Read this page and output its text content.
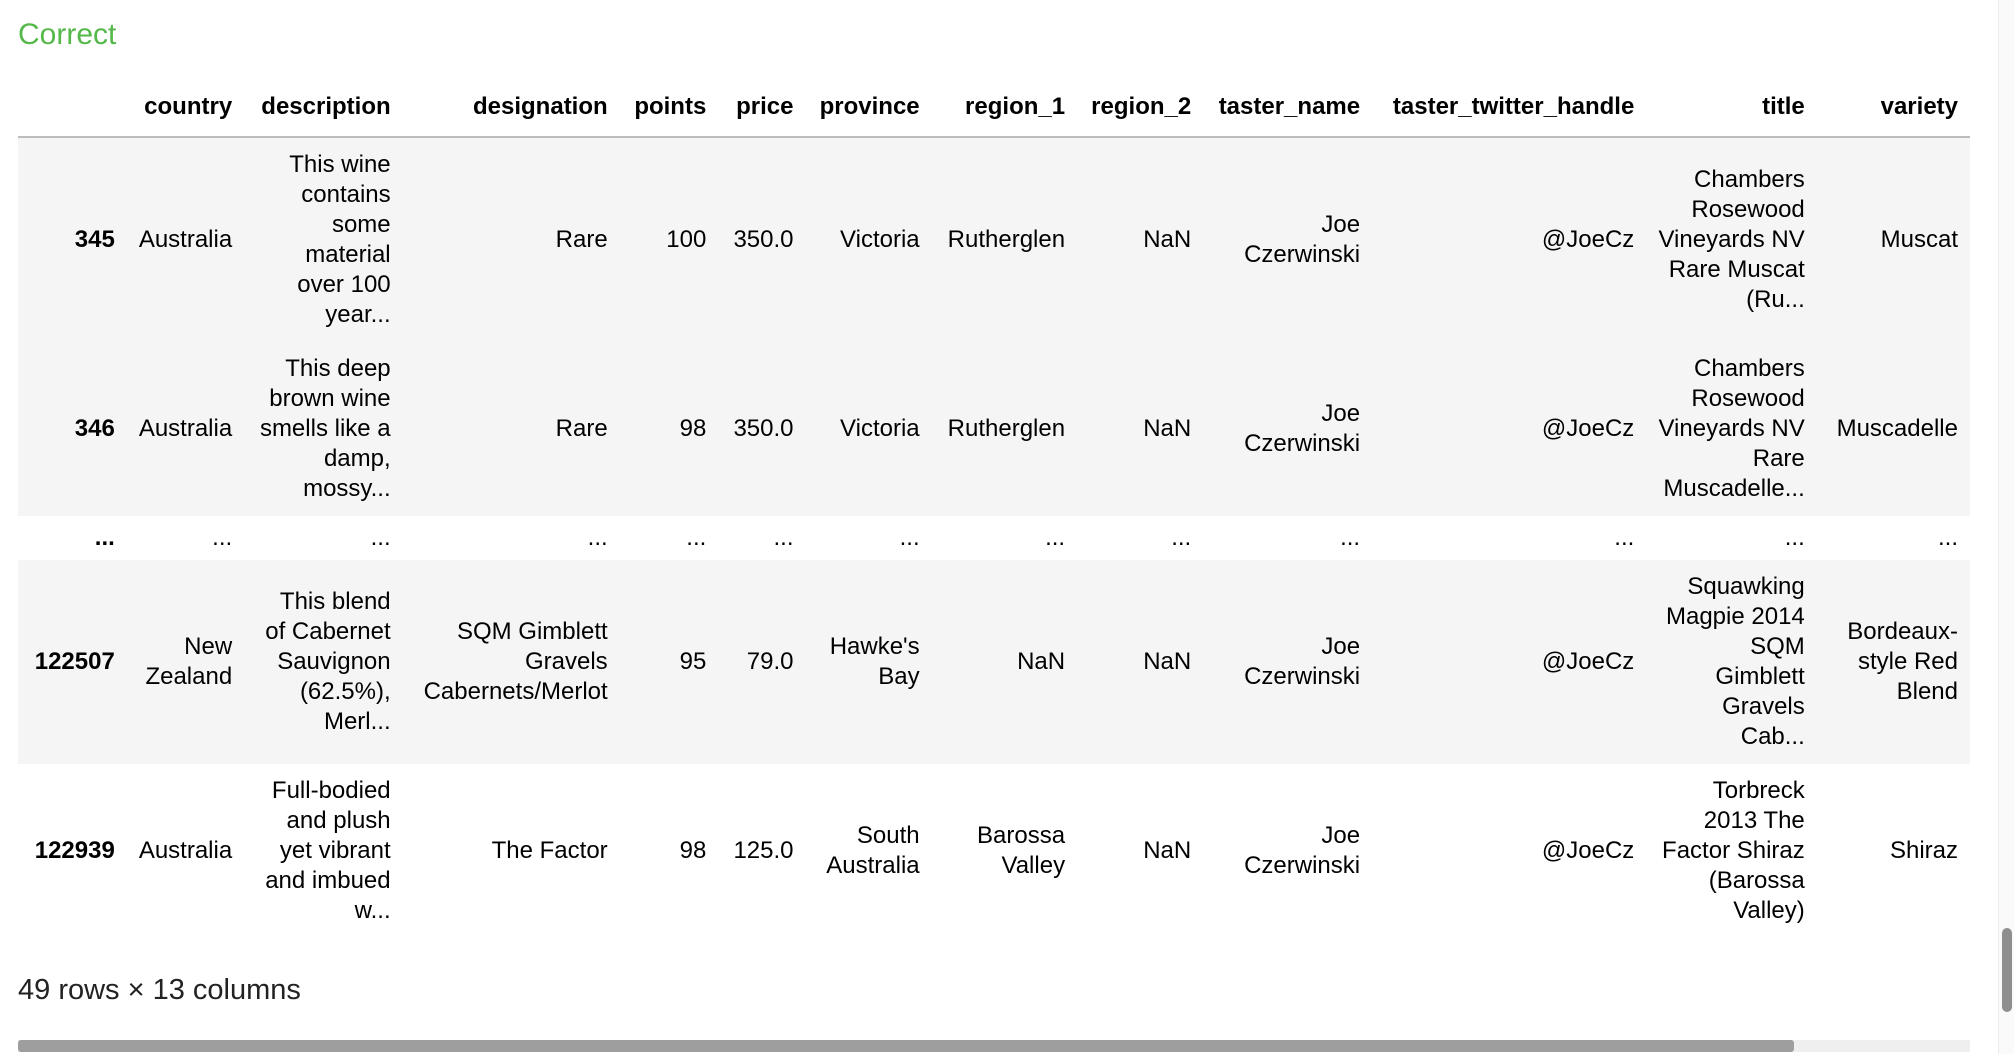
Correct
	country	description	designation	points	price	province	region_1	region_2	taster_name	taster_twitter_handle	title	variety
345	Australia	This wine contains some material over 100 year...	Rare	100	350.0	Victoria	Rutherglen	NaN	Joe Czerwinski	@JoeCz	Chambers Rosewood Vineyards NV Rare Muscat (Ru...	Muscat
346	Australia	This deep brown wine smells like a damp, mossy...	Rare	98	350.0	Victoria	Rutherglen	NaN	Joe Czerwinski	@JoeCz	Chambers Rosewood Vineyards NV Rare Muscadelle...	Muscadelle
...	...	...	...	...	...	...	...	...	...	...	...	...
122507	New Zealand	This blend of Cabernet Sauvignon (62.5%), Merl...	SQM Gimblett Gravels Cabernets/Merlot	95	79.0	Hawke's Bay	NaN	NaN	Joe Czerwinski	@JoeCz	Squawking Magpie 2014 SQM Gimblett Gravels Cab...	Bordeaux-style Red Blend
122939	Australia	Full-bodied and plush yet vibrant and imbued w...	The Factor	98	125.0	South Australia	Barossa Valley	NaN	Joe Czerwinski	@JoeCz	Torbreck 2013 The Factor Shiraz (Barossa Valley)	Shiraz
49 rows × 13 columns
